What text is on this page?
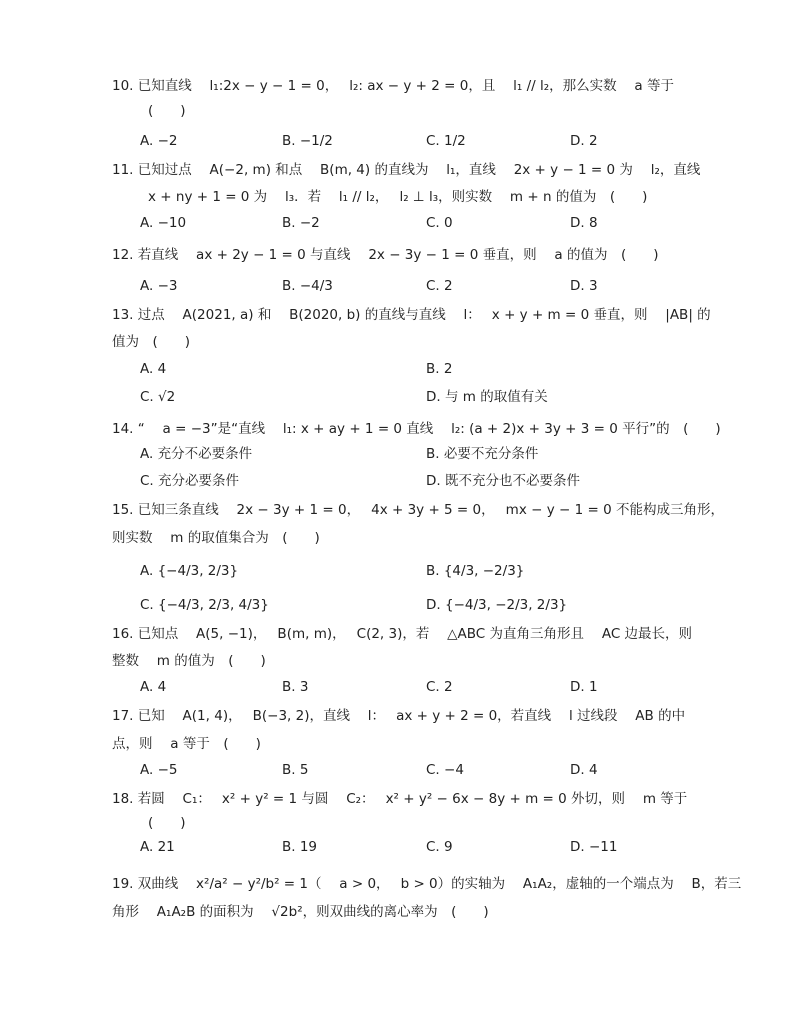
10. 已知直线　 l₁:2x − y − 1 = 0，　 l₂: ax − y + 2 = 0，且　 l₁ // l₂，那么实数　 a 等于
(　　)
A. −2	B. −1/2	C. 1/2	D. 2
11. 已知过点　 A(−2, m) 和点　 B(m, 4) 的直线为　 l₁，直线　 2x + y − 1 = 0 为　 l₂，直线
x + ny + 1 = 0 为　 l₃．若　 l₁ // l₂，　 l₂ ⊥ l₃，则实数　 m + n 的值为　(　　)
A. −10	B. −2	C. 0	D. 8
12. 若直线　 ax + 2y − 1 = 0 与直线　 2x − 3y − 1 = 0 垂直，则　 a 的值为　(　　)
A. −3	B. −4/3	C. 2	D. 3
13. 过点　 A(2021, a) 和　 B(2020, b) 的直线与直线　 l：　 x + y + m = 0 垂直，则　 |AB| 的
值为　(　　)
A. 4	B. 2
C. √2	D. 与 m 的取值有关
14. “　 a = −3”是“直线　 l₁: x + ay + 1 = 0 直线　 l₂: (a + 2)x + 3y + 3 = 0 平行”的　(　　)
A. 充分不必要条件	B. 必要不充分条件
C. 充分必要条件	D. 既不充分也不必要条件
15. 已知三条直线　 2x − 3y + 1 = 0，　 4x + 3y + 5 = 0，　 mx − y − 1 = 0 不能构成三角形，
则实数　 m 的取值集合为　(　　)
A. {−4/3, 2/3}	B. {4/3, −2/3}
C. {−4/3, 2/3, 4/3}	D. {−4/3, −2/3, 2/3}
16. 已知点　 A(5, −1)，　 B(m, m)，　 C(2, 3)，若　 △ABC 为直角三角形且　 AC 边最长，则
整数　 m 的值为　(　　)
A. 4	B. 3	C. 2	D. 1
17. 已知　 A(1, 4)，　 B(−3, 2)，直线　 l：　 ax + y + 2 = 0，若直线　 l 过线段　 AB 的中
点，则　 a 等于　(　　)
A. −5	B. 5	C. −4	D. 4
18. 若圆　 C₁：　 x² + y² = 1 与圆　 C₂：　 x² + y² − 6x − 8y + m = 0 外切，则　 m 等于
(　　)
A. 21	B. 19	C. 9	D. −11
19. 双曲线　 x²/a² − y²/b² = 1（　 a > 0，　 b > 0）的实轴为　 A₁A₂，虚轴的一个端点为　 B，若三
角形　 A₁A₂B 的面积为　 √2b²，则双曲线的离心率为　(　　)
